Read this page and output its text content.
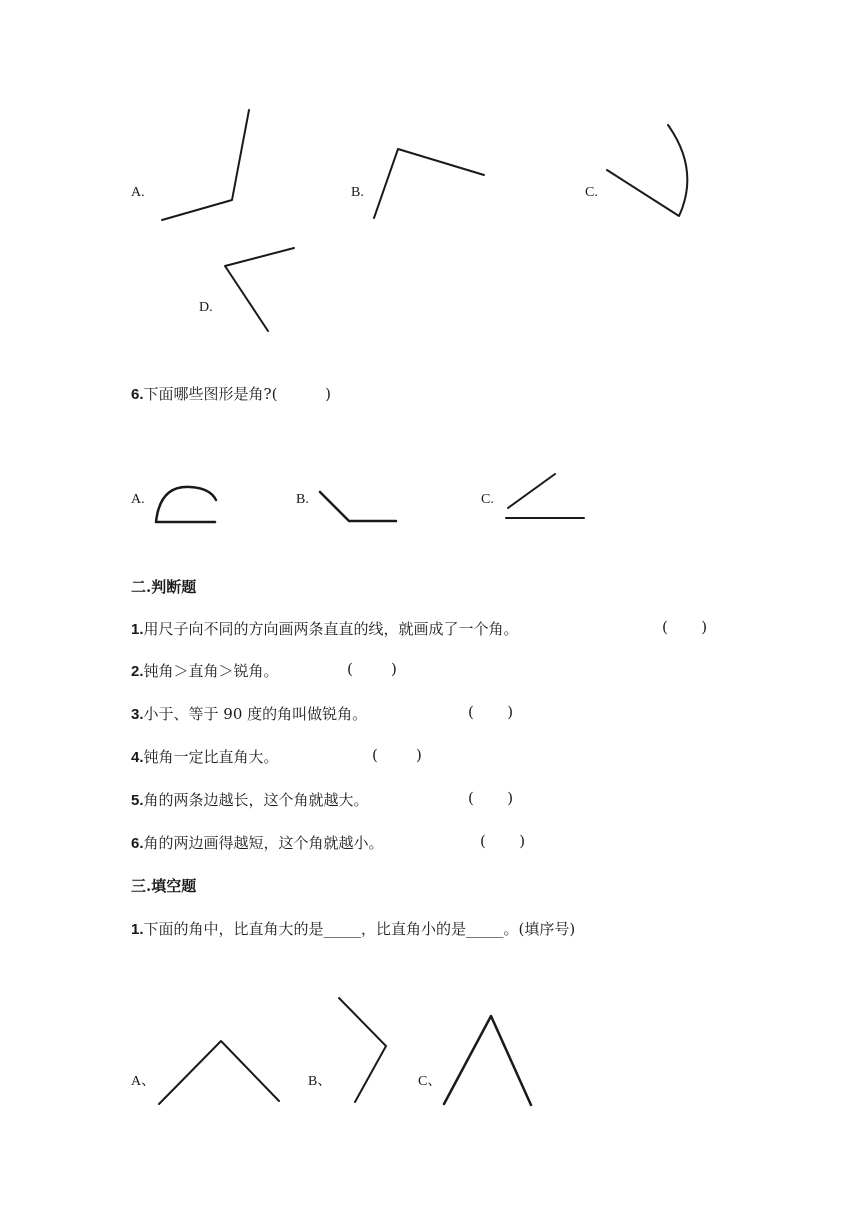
A.	B.	C.
D.
6.下面哪些图形是角?(          )
A.	B.	C.
二.判断题
1.用尺子向不同的方向画两条直直的线，就画成了一个角。	(       )
2.钝角＞直角＞锐角。	(        )
3.小于、等于 90 度的角叫做锐角。	(       )
4.钝角一定比直角大。	(        )
5.角的两条边越长，这个角就越大。	(       )
6.角的两边画得越短，这个角就越小。	(       )
三.填空题
1.下面的角中，比直角大的是_____，比直角小的是_____。(填序号)
A、	B、	C、
